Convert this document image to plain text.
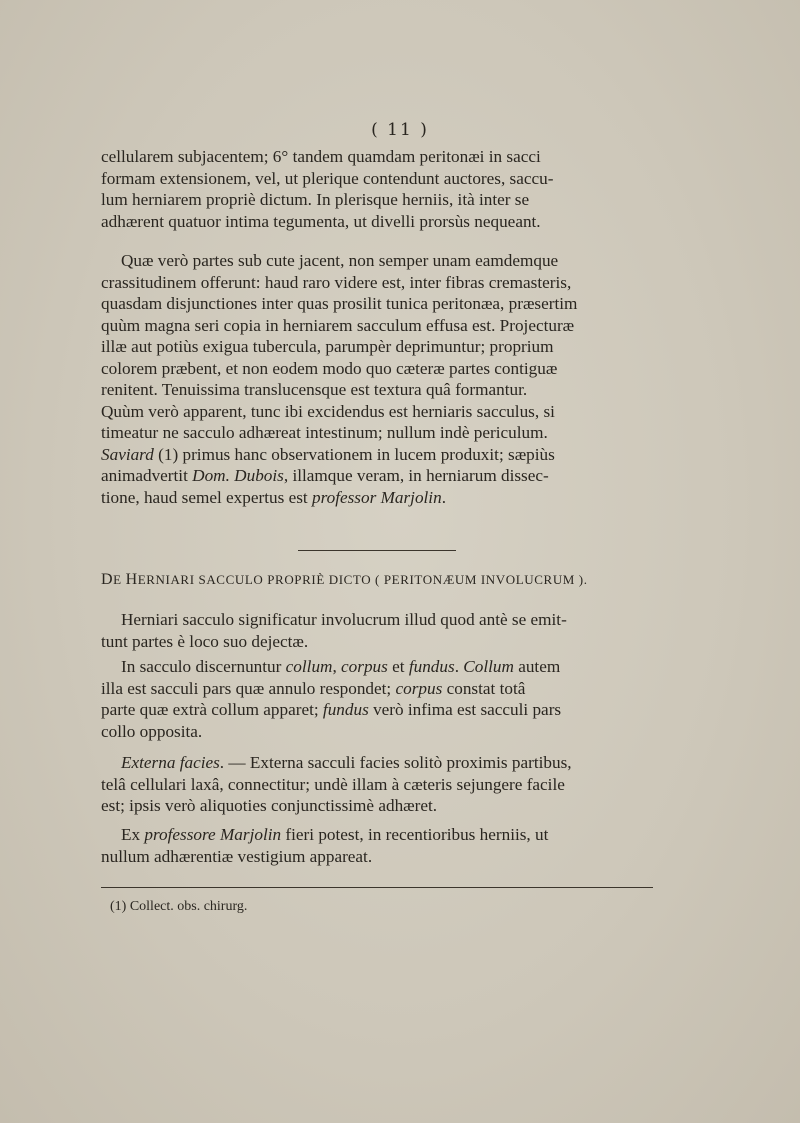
( 11 )

cellularem subjacentem; 6° tandem quamdam peritonæi in sacci

formam extensionem, vel, ut plerique contendunt auctores, saccu-

lum herniarem propriè dictum. In plerisque herniis, ità inter se

adhærent quatuor intima tegumenta, ut divelli prorsùs nequeant.

Quæ verò partes sub cute jacent, non semper unam eamdemque

crassitudinem offerunt: haud raro videre est, inter fibras cremasteris,

quasdam disjunctiones inter quas prosilit tunica peritonæa, præsertim

quùm magna seri copia in herniarem sacculum effusa est. Projecturæ

illæ aut potiùs exigua tubercula, parumpèr deprimuntur; proprium

colorem præbent, et non eodem modo quo cæteræ partes contiguæ

renitent. Tenuissima translucensque est textura quâ formantur.

Quùm verò apparent, tunc ibi excidendus est herniaris sacculus, si

timeatur ne sacculo adhæreat intestinum; nullum indè periculum.

Saviard (1) primus hanc observationem in lucem produxit; sæpiùs

animadvertit Dom. Dubois, illamque veram, in herniarum dissec-

tione, haud semel expertus est professor Marjolin.

DE HERNIARI SACCULO PROPRIÈ DICTO ( PERITONÆUM INVOLUCRUM ).

Herniari sacculo significatur involucrum illud quod antè se emit-

tunt partes è loco suo dejectæ.

In sacculo discernuntur collum, corpus et fundus. Collum autem

illa est sacculi pars quæ annulo respondet; corpus constat totâ

parte quæ extrà collum apparet; fundus verò infima est sacculi pars

collo opposita.

Externa facies. — Externa sacculi facies solitò proximis partibus,

telâ cellulari laxâ, connectitur; undè illam à cæteris sejungere facile

est; ipsis verò aliquoties conjunctissimè adhæret.

Ex professore Marjolin fieri potest, in recentioribus herniis, ut

nullum adhærentiæ vestigium appareat.

(1) Collect. obs. chirurg.
